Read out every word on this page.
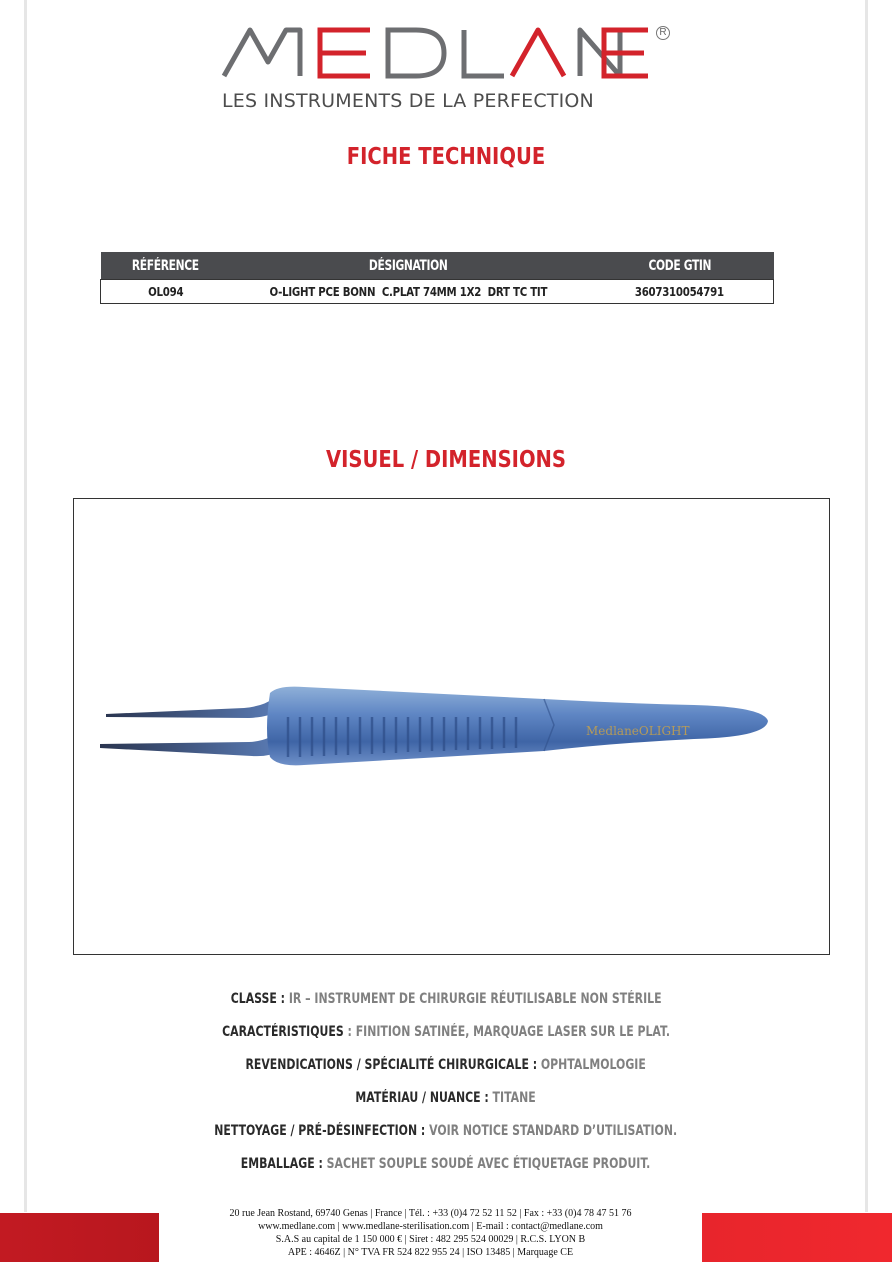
R
LES INSTRUMENTS DE LA PERFECTION
FICHE TECHNIQUE
RÉFÉRENCE	DÉSIGNATION	CODE GTIN
OL094	O-LIGHT PCE BONN  C.PLAT 74MM 1X2  DRT TC TIT	3607310054791
VISUEL / DIMENSIONS
MedlaneOLIGHT
CLASSE : IR – INSTRUMENT DE CHIRURGIE RÉUTILISABLE NON STÉRILE
CARACTÉRISTIQUES : FINITION SATINÉE, MARQUAGE LASER SUR LE PLAT.
REVENDICATIONS / SPÉCIALITÉ CHIRURGICALE : OPHTALMOLOGIE
MATÉRIAU / NUANCE : TITANE
NETTOYAGE / PRÉ-DÉSINFECTION : VOIR NOTICE STANDARD D’UTILISATION.
EMBALLAGE : SACHET SOUPLE SOUDÉ AVEC ÉTIQUETAGE PRODUIT.
20 rue Jean Rostand, 69740 Genas | France | Tél. : +33 (0)4 72 52 11 52 | Fax : +33 (0)4 78 47 51 76
www.medlane.com | www.medlane-sterilisation.com | E-mail : contact@medlane.com
S.A.S au capital de 1 150 000 € | Siret : 482 295 524 00029 | R.C.S. LYON B
APE : 4646Z | N° TVA FR 524 822 955 24 | ISO 13485 | Marquage CE
